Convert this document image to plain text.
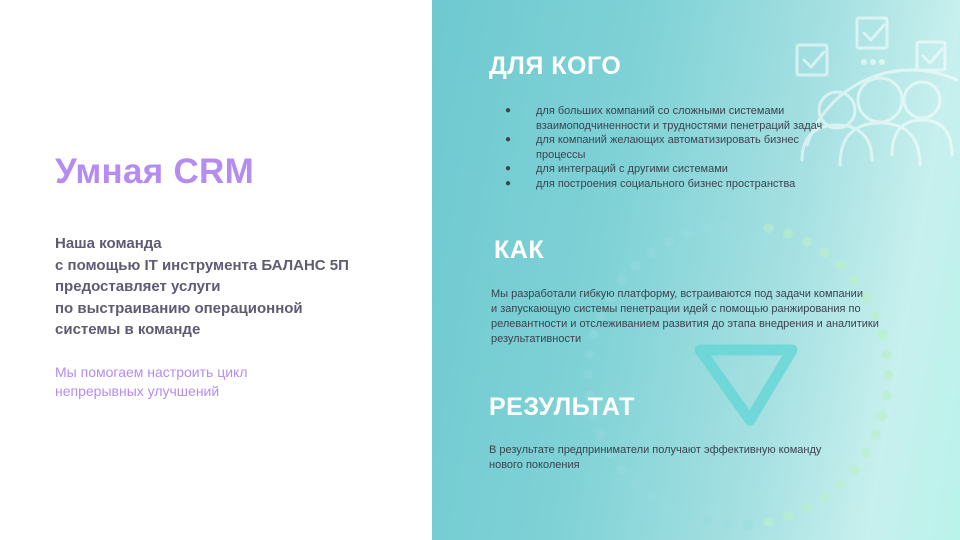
Умная CRM
Наша команда
с помощью IT инструмента БАЛАНС 5П
предоставляет услуги
по выстраиванию операционной
системы в команде
Мы помогаем настроить цикл
непрерывных улучшений
ДЛЯ КОГО
● для больших компаний со сложными системами взаимоподчиненности и трудностями пенетраций задач
● для компаний желающих автоматизировать бизнес процессы
● для интеграций с другими системами
● для построения социального бизнес пространства
КАК
Мы разработали гибкую платформу, встраиваются под задачи компании
и запускающую системы пенетрации идей с помощью ранжирования по
релевантности и отслеживанием развития до этапа внедрения и аналитики
результативности
РЕЗУЛЬТАТ
В результате предприниматели получают эффективную команду
нового поколения
